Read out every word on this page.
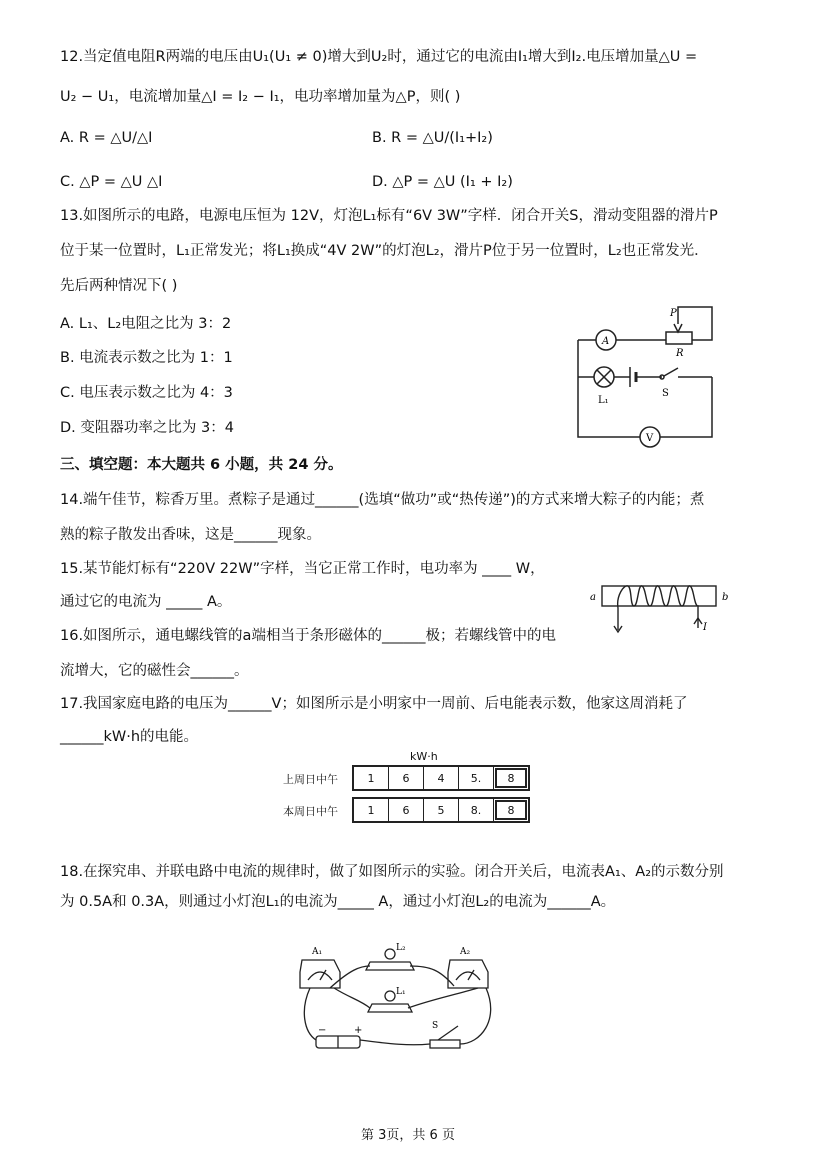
12.当定值电阻R两端的电压由U₁(U₁ ≠ 0)增大到U₂时，通过它的电流由I₁增大到I₂.电压增加量△U =
U₂ − U₁，电流增加量△I = I₂ − I₁，电功率增加量为△P，则( )
A. R = △U/△I	B. R = △U/(I₁+I₂)
C. △P = △U △I	D. △P = △U (I₁ + I₂)
13.如图所示的电路，电源电压恒为 12V，灯泡L₁标有“6V 3W”字样．闭合开关S，滑动变阻器的滑片P
位于某一位置时，L₁正常发光；将L₁换成“4V 2W”的灯泡L₂，滑片P位于另一位置时，L₂也正常发光．
先后两种情况下( )
A. L₁、L₂电阻之比为 3：2
B. 电流表示数之比为 1：1
C. 电压表示数之比为 4：3
D. 变阻器功率之比为 3：4
A
V
P
R
L₁
S
三、填空题：本大题共 6 小题，共 24 分。
14.端午佳节，粽香万里。煮粽子是通过______(选填“做功”或“热传递”)的方式来增大粽子的内能；煮
熟的粽子散发出香味，这是______现象。
15.某节能灯标有“220V 22W”字样，当它正常工作时，电功率为 ____ W，
通过它的电流为 _____ A。	a	b
I
16.如图所示，通电螺线管的a端相当于条形磁体的______极；若螺线管中的电
流增大，它的磁性会______。
17.我国家庭电路的电压为______V；如图所示是小明家中一周前、后电能表示数，他家这周消耗了
______kW·h的电能。
kW·h
上周日中午	1	6	4	5.	8
本周日中午	1	6	5	8.	8
18.在探究串、并联电路中电流的规律时，做了如图所示的实验。闭合开关后，电流表A₁、A₂的示数分别
为 0.5A和 0.3A，则通过小灯泡L₁的电流为_____ A，通过小灯泡L₂的电流为______A。
A₁	A₂
L₂
L₁
S
−	+
第 3页，共 6 页
